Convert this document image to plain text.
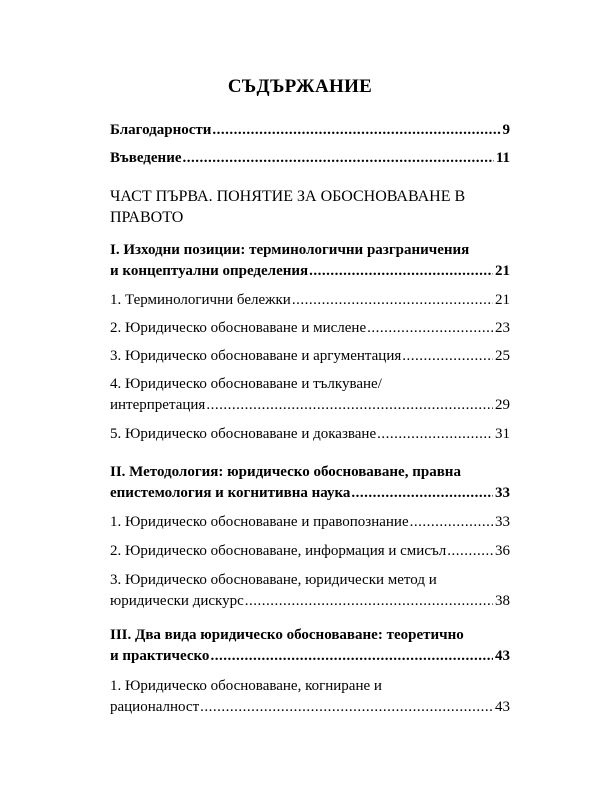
СЪДЪРЖАНИЕ
Благодарности .....	9
Въведение .....	11
ЧАСТ ПЪРВА. ПОНЯТИЕ ЗА ОБОСНОВАВАНЕ В
ПРАВОТО
I. Изходни позиции: терминологични разграничения
и концептуални определения .....	21
1. Терминологични бележки .....	21
2. Юридическо обосноваване и мислене .....	23
3. Юридическо обосноваване и аргументация .....	25
4. Юридическо обосноваване и тълкуване/
интерпретация .....	29
5. Юридическо обосноваване и доказване .....	31
II. Методология: юридическо обосноваване, правна
епистемология и когнитивна наука .....	33
1. Юридическо обосноваване и правопознание .....	33
2. Юридическо обосноваване, информация и смисъл .....	36
3. Юридическо обосноваване, юридически метод и
юридически дискурс .....	38
III. Два вида юридическо обосноваване: теоретично
и практическо .....	43
1. Юридическо обосноваване, когниране и
рационалност .....	43
